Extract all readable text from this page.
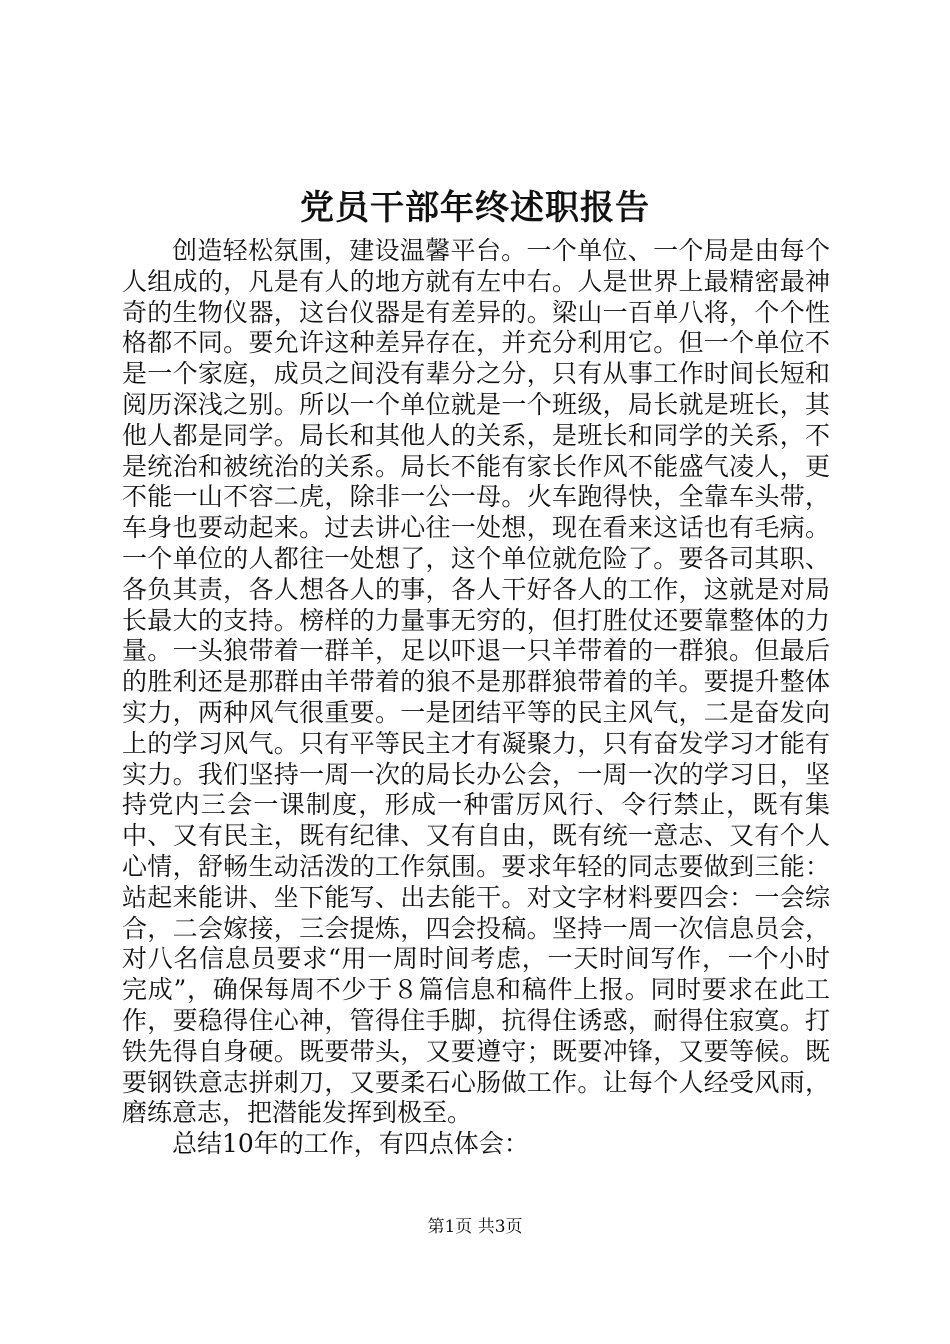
党员干部年终述职报告

创造轻松氛围，建设温馨平台。一个单位、一个局是由每个人组成的，凡是有人的地方就有左中右。人是世界上最精密最神奇的生物仪器，这台仪器是有差异的。梁山一百单八将，个个性格都不同。要允许这种差异存在，并充分利用它。但一个单位不是一个家庭，成员之间没有辈分之分，只有从事工作时间长短和阅历深浅之别。所以一个单位就是一个班级，局长就是班长，其他人都是同学。局长和其他人的关系，是班长和同学的关系，不是统治和被统治的关系。局长不能有家长作风不能盛气凌人，更不能一山不容二虎，除非一公一母。火车跑得快，全靠车头带，车身也要动起来。过去讲心往一处想，现在看来这话也有毛病。一个单位的人都往一处想了，这个单位就危险了。要各司其职、各负其责，各人想各人的事，各人干好各人的工作，这就是对局长最大的支持。榜样的力量事无穷的，但打胜仗还要靠整体的力量。一头狼带着一群羊，足以吓退一只羊带着的一群狼。但最后的胜利还是那群由羊带着的狼不是那群狼带着的羊。要提升整体实力，两种风气很重要。一是团结平等的民主风气，二是奋发向上的学习风气。只有平等民主才有凝聚力，只有奋发学习才能有实力。我们坚持一周一次的局长办公会，一周一次的学习日，坚持党内三会一课制度，形成一种雷厉风行、令行禁止，既有集中、又有民主，既有纪律、又有自由，既有统一意志、又有个人心情，舒畅生动活泼的工作氛围。要求年轻的同志要做到三能：站起来能讲、坐下能写、出去能干。对文字材料要四会：一会综合，二会嫁接，三会提炼，四会投稿。坚持一周一次信息员会，对八名信息员要求“用一周时间考虑，一天时间写作，一个小时完成”，确保每周不少于８篇信息和稿件上报。同时要求在此工作，要稳得住心神，管得住手脚，抗得住诱惑，耐得住寂寞。打铁先得自身硬。既要带头，又要遵守；既要冲锋，又要等候。既要钢铁意志拼刺刀，又要柔石心肠做工作。让每个人经受风雨，磨练意志，把潜能发挥到极至。

总结10年的工作，有四点体会：

第1页 共3页
